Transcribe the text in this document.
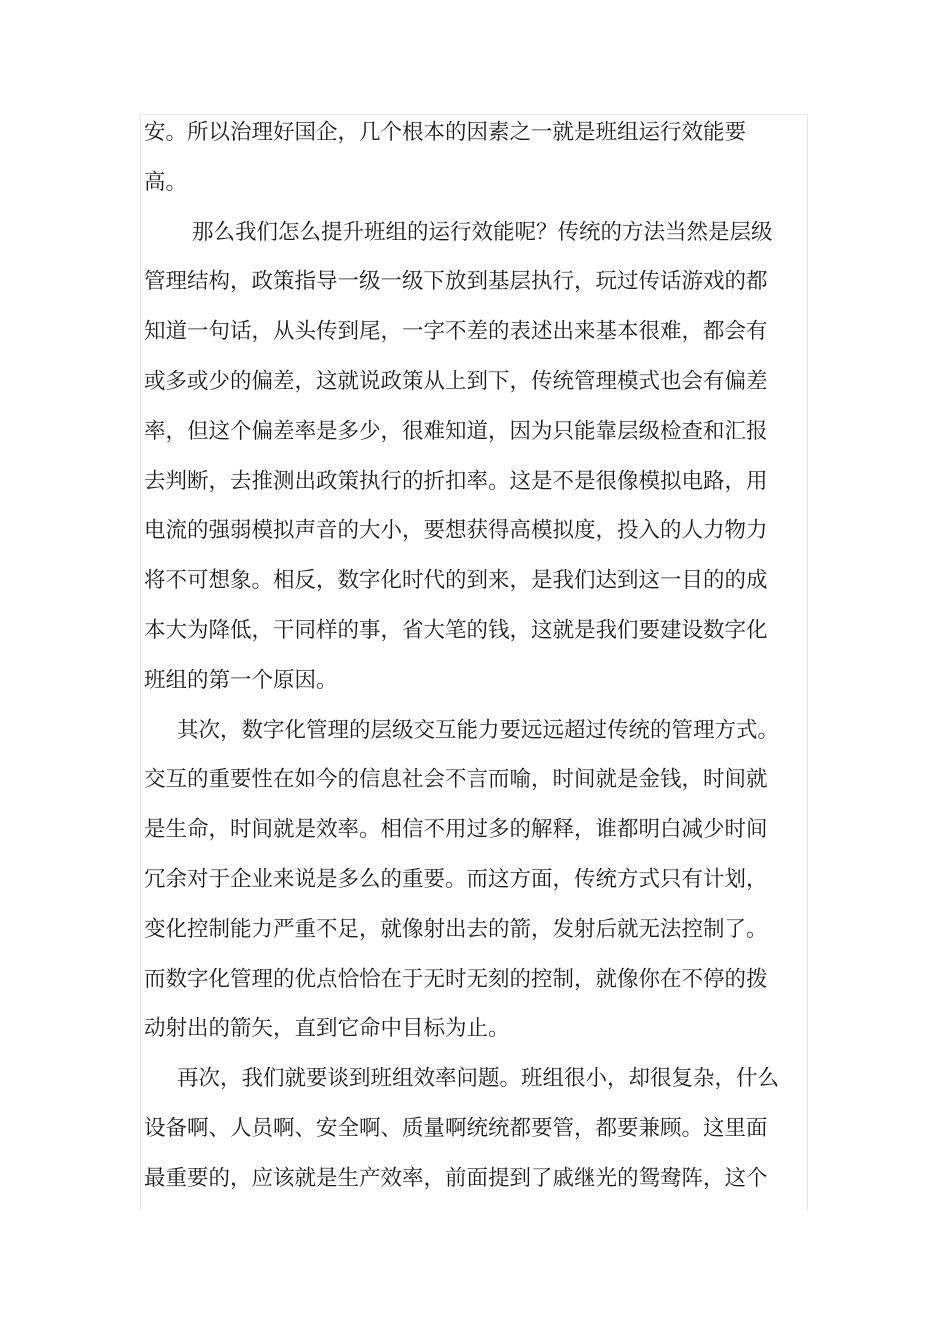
安。所以治理好国企，几个根本的因素之一就是班组运行效能要
高。
那么我们怎么提升班组的运行效能呢？传统的方法当然是层级
管理结构，政策指导一级一级下放到基层执行，玩过传话游戏的都
知道一句话，从头传到尾，一字不差的表述出来基本很难，都会有
或多或少的偏差，这就说政策从上到下，传统管理模式也会有偏差
率，但这个偏差率是多少，很难知道，因为只能靠层级检查和汇报
去判断，去推测出政策执行的折扣率。这是不是很像模拟电路，用
电流的强弱模拟声音的大小，要想获得高模拟度，投入的人力物力
将不可想象。相反，数字化时代的到来，是我们达到这一目的的成
本大为降低，干同样的事，省大笔的钱，这就是我们要建设数字化
班组的第一个原因。
其次，数字化管理的层级交互能力要远远超过传统的管理方式。
交互的重要性在如今的信息社会不言而喻，时间就是金钱，时间就
是生命，时间就是效率。相信不用过多的解释，谁都明白减少时间
冗余对于企业来说是多么的重要。而这方面，传统方式只有计划，
变化控制能力严重不足，就像射出去的箭，发射后就无法控制了。
而数字化管理的优点恰恰在于无时无刻的控制，就像你在不停的拨
动射出的箭矢，直到它命中目标为止。
再次，我们就要谈到班组效率问题。班组很小，却很复杂，什么
设备啊、人员啊、安全啊、质量啊统统都要管，都要兼顾。这里面
最重要的，应该就是生产效率，前面提到了戚继光的鸳鸯阵，这个
